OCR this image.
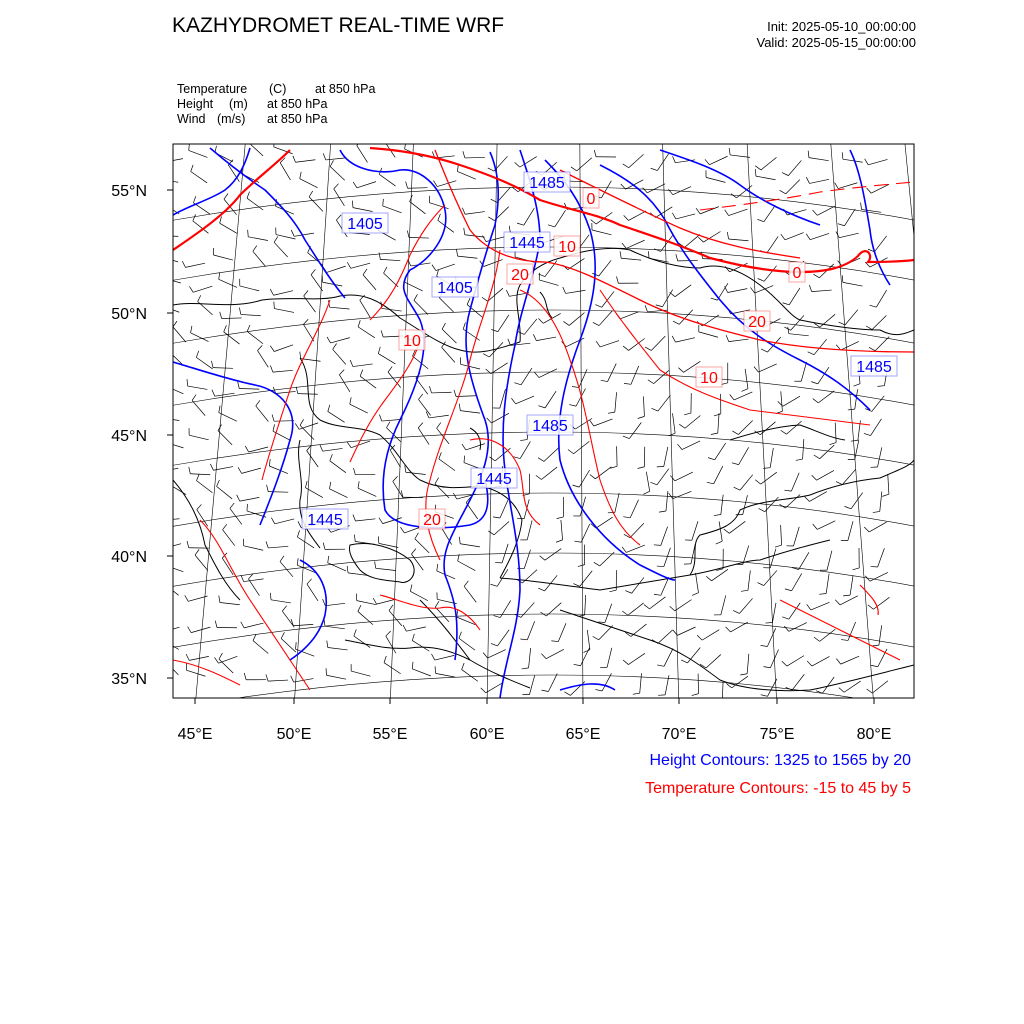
KAZHYDROMET REAL-TIME WRF	Init: 2025-05-10_00:00:00
Valid: 2025-05-15_00:00:00
Temperature (C) at 850 hPa
Height (m) at 850 hPa
Wind (m/s) at 850 hPa
1485
1405
1445
1405
1485
1485
1445
1445
0
10
20	0
10
20
10
20
55°N
50°N
45°N
40°N
35°N
45°E	50°E	55°E	60°E	65°E	70°E	75°E	80°E
Height Contours: 1325 to 1565 by 20
Temperature Contours: -15 to 45 by 5
